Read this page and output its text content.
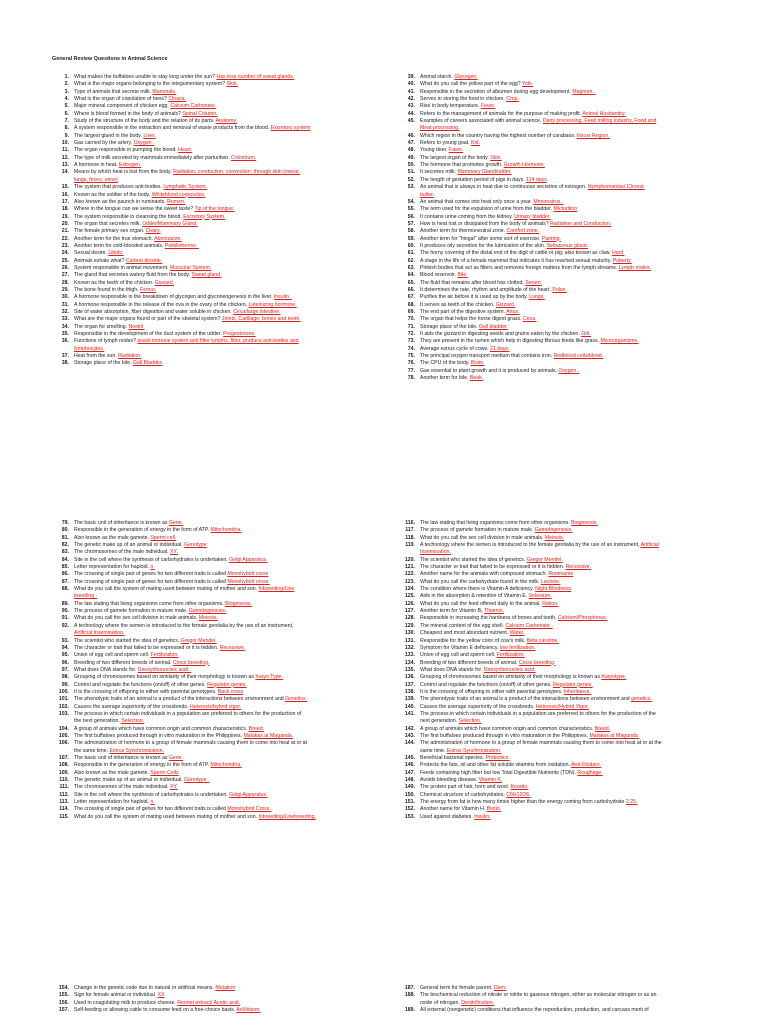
General Review Questions in Animal Science
1. What makes the buffaloes unable to stay long under the sun? Has less number of sweat glands.
2. What is the major organs belonging to the integumentary system? Skin.
3. Type of animals that secrete milk. Mammals.
4. What is the organ of copulation of hens? Cloaca.
5. Major mineral component of chicken egg. Calcium Carbonate.
6. Where is blood formed in the body of animals? Spinal Column.
7. Study of the structure of the body and the relation of its parts. Anatomy.
8. A system responsible in the extraction and removal of waste products from the blood. Excretory system
9. The largest gland in the body. Liver.
10. Gas carried by the artery. Oxygen .
11. The organ responsible in pumping the blood. Heart.
12. The type of milk secreted by mammals immediately after parturition. Colostrum.
13. A hormone in heat. Estrogen.
14. Means by which heat is lost from the body. Radiation, conduction, convection; through skin (sweat,
lungs, feces, urine)
15. The system that produces anti-bodies. Lymphatic System.
16. Known as the soldier of the body. Whiteblood corpuscles.
17. Also known as the paunch in ruminants. Rumen.
18. Where in the tongue can we sense the sweet taste? Tip of the tongue.
19. The system responsible in cleansing the blood. Excretory System.
20. The organ that secretes milk. Udder/Mammary Gland.
21. The female primary sex organ. Ovary.
22. Another term for the true stomach. Abomasum.
23. Another term for cold-blooded animals. Poikilotherms .
24. Sexual desire. Libido.
25. Animals exhale what? Carbon dioxide.
26. System responsible in animal movement. Muscular System.
27. The gland that secretes watery fluid from the body. Sweat gland.
28. Known as the teeth of the chicken. Gizzard.
29. The bone found in the thigh. Femur.
30. A hormone responsible in the breakdown of glycogen and glyconeogenesis in the liver. Insulin .
31. A hormone responsible in the release of the ova in the ovary of the chicken. Luteinizing hormone.
32. Site of water absorption, fiber digestion and water soluble in chicken. Ceca/large intestine.
33. What are the major organs found or part of the skeletal system? Joints, Cartilage, bones and teeth.
34. The organ for smelling. Nostril.
35. Responsible in the development of the duct system of the udder. Progesterone.
36. Functions of lymph nodes? assist immune system and filter lymphs, filter, produce anti-bodies and
lymphocytes.
37. Heat from the sun. Radiation.
38. Storage place of the bile. Gall Bladder.
39. Animal starch. Glycogen.
40. What do you call the yellow part of the egg? Yolk.
41. Responsible in the secretion of albumen during egg development. Magnum .
42. Serves in storing the food in chicken. Crop.
43. Rise in body temperature. Fever.
44. Refers to the management of animals for the purpose of making profit. Animal Husbandry.
45. Examples of careers associated with animal science. Dairy processing, Feed milling industry, Food and
Meat processing.
46. Which region in the country having the highest number of carabaos. Ilocos Region.
47. Refers to young goat. Kid.
48. Young deer. Fawn.
49. The largest organ of the body. Skin.
50. The hormone that promotes growth. Growth Hormone.
51. It secretes milk. Mammary Gland/udder.
52. The length of gestation period of pigs in days. 114 days
53. An animal that is always in heat due to continuous secretion of estrogen. Nymphomanias/ Chronic
bulter.
54. An animal that comes into heat only once a year. Monoestrus .
55. The term used for the expulsion of urine from the bladder. Micturition
56. It contains urine coming from the kidney. Urinary bladder.
57. How is heat lost or dissipated from the body of animals? Radiation and Conduction.
58. Another term for thermoneutral zone. Comfort zone.
59. Another term for "hingal" after some sort of exercise. Panting.
60. It produces oily secretion for the lubrication of the skin. Sebaceous gland.
61. The horny covering of the distal end of the digit of cattle or pig; also known as claw. Hoof.
62. A stage in the life of a female mammal that indicates it has reached sexual maturity. Puberty.
63. Pinkish bodies that act as filters and removes foreign matters from the lymph streams. Lymph nodes.
64. Blood reservoir. Bile.
65. The fluid that remains after blood has clotted. Serum.
66. It determines the rate, rhythm and amplitude of the heart. Pulse.
67. Purifies the air before it is used up by the body. Lungs.
68. It serves as teeth of the chicken. Gizzard.
69. The end part of the digestive system. Anus.
70. The organ that helps the horse digest grass. Ceca.
71. Storage place of the bile. Gall bladder.
72. It aids the gizzard in digesting seeds and grains eaten by the chicken. Grit.
73. They are present in the rumen which help in digesting fibrous feeds like grass. Microorganisms.
74. Average estrus cycle of cows. 21 days.
75. The principal oxygen transport medium that contains iron. Redblood cells/blood.
76. The CPU of the body. Brain.
77. Gas essential to plant growth and it is produced by animals. Oxygen .
78. Another term for bile. Beak.
79. The basic unit of inheritance is known as Gene.
80. Responsible in the generation of energy in the form of ATP. Mitochondria.
81. Also known as the male gamete. Sperm cell.
82. The genetic make up of an animal or individual. Genotype
83. The chromosomes of the male individual. XY.
84. Site in the cell where the synthesis of carbohydrates is undertaken. Golgi Apparatus.
85. Letter representation for haploid. n.
86. The crossing of single pair of genes for two different traits is called Monohybrid cross
87. The crossing of single pair of genes for two different traits is called Monohybrid cross.
88. What do you call the system of mating used between mating of mother and son. Inbreeding/Line
breeding .
89. The law stating that living organisms come from other organisms. Biogenesis.
90. The process of gamete formation in mature male. Gametogenesis.
91. What do you call the sex cell division in male animals. Meiosis.
92. A technology where the semen is introduced to the female genitalia by the use of an instrument,
Artificial Insemination.
93. The scientist who started the idea of genetics. Gregor Mendel.
94. The character or trait that failed to be expressed or it is hidden. Recessive.
95. Union of egg cell and sperm cell. Fertilization.
96. Breeding of two different breeds of animal. Cross breeding.
97. What does DNA stands for. Deoxyribonucleic acid .
98. Grouping of chromosomes based on similarity of their morphology is known as Karyo Type.
99. Control and regulate the functions (on/off) of other genes. Regulator genes.
100. It is the crossing of offspring to either with parental genotypes. Back cross
101. The phenotypic traits of an animal is a product of the interactions between environment and Genetics.
102. Causes the average superiority of the crossbreds. Heterosis/hybrid vigor.
103. The process in which certain individuals in a population are preferred to others for the production of
the next generation. Selection.
104. A group of animals which have common origin and common characteristics. Breed.
105. The first buffaloes produced through in vitro maturation in the Philippines. Malakas at Maganda.
106. The administration of hormone to a group of female mammals causing them to come into heat at or at
the same time. Estrus Synchronization.
107. The basic unit of inheritance is known as Gene.
108. Responsible in the generation of energy in the form of ATP. Mitochondria.
109. Also known as the male gamete. Sperm Cells
110. The genetic make up of an animal or individual. Genotype .
111. The chromosomes of the male individual. XY.
112. Site in the cell where the synthesis of carbohydrates is undertaken. Golgi Apparatus.
113. Letter representation for haploid. n.
114. The crossing of single pair of genes for two different traits is called Monohybrid Cross.
115. What do you call the system of mating used between mating of mother and son. Inbreeding/Linebreeding.
116. The law stating that living organisms come from other organisms. Biogenesis.
117. The process of gamete formation in mature male. Gametogenesis.
118. What do you call the sex cell division in male animals. Meiosis.
119. A technology where the semen is introduced to the female genitalia by the use of an instrument, Artificial
Insemination.
120. The scientist who started the idea of genetics. Gregor Mendel.
121. The character or trait that failed to be expressed or it is hidden. Recessive.
122. Another name for the animals with compound stomach. Ruminants
123. What do you call the carbohydrate found in the milk. Lactose.
124. The condition where there is Vitamin A deficiency. Night Blindness
125. Aids in the absorption & retention of Vitamin E. Selenium.
126. What do you call the feed offered daily to the animal. Ration.
127. Another term for Vitamin B₁ Thiamin.
128. Responsible in increasing the hardness of bones and teeth. Calcium/Phosphorus.
129. The mineral content of the egg shell. Calcium Carbonate .
130. Cheapest and most abundant nutrient. Water.
131. Responsible for the yellow color of cow's milk. Beta carotine.
132. Symptom for Vitamin E deficiency. low fertilization.
133. Union of egg cell and sperm cell. Fertilization.
134. Breeding of two different breeds of animal. Cross breeding.
135. What does DNA stands for. Deoxyribonucleic acid.
136. Grouping of chromosomes based on similarity of their morphology is known as Karyotype.
137. Control and regulate the functions (on/off) of other genes. Regulator genes.
138. It is the crossing of offspring to either with parental genotypes. Inheritance.
139. The phenotypic traits of an animal is a product of the interactions between environment and genetics.
140. Causes the average superiority of the crossbreds. Heterosis/Hybrid Vigor.
141. The process in which certain individuals in a population are preferred to others for the production of the
next generation. Selection.
142. A group of animals which have common origin and common characteristics. Breed.
143. The first buffaloes produced through in vitro maturation in the Philippines. Malakas at Maganda.
144. The administration of hormone to a group of female mammals causing them to come into heat at or at the
same time. Estrus Synchronization.
145. Beneficial bacterial species. Probiotics.
146. Protects the fats, oil and other fat soluble vitamins from oxidation. Anti-Oxidant.
147. Feeds containing high fiber but low Total Digestible Nutrients (TDN). Roughage.
148. Avoids bleeding disease. Vitamin K.
149. The protein part of hair, horn and wool. Keratin.
150. Chemical structure of carbohydrates. C6H12O6.
151. The energy from fat is how many times higher than the energy coming from carbohydrate 2.25.
152. Another name for Vitamin H. Biotin.
153. Used against diabetes. Insulin.
154. Change in the genetic code due to natural or artificial means. Mutation
155. Sign for female animal or individual. XX
156. Used in coagulating milk to produce cheese. Rennet extract/ Acetic acid.
157. Self-feeding or allowing cattle to consume feed on a free-choice basis. Ad libitum.
187. General term for female parent. Dam.
188. The biochemical reduction of nitrate or nitrite to gaseous nitrogen, either as molecular nitrogen or as an
oxide of nitrogen. Denitrification.
189. All external (nongenetic) conditions that influence the reproduction, production, and carcass merit of
